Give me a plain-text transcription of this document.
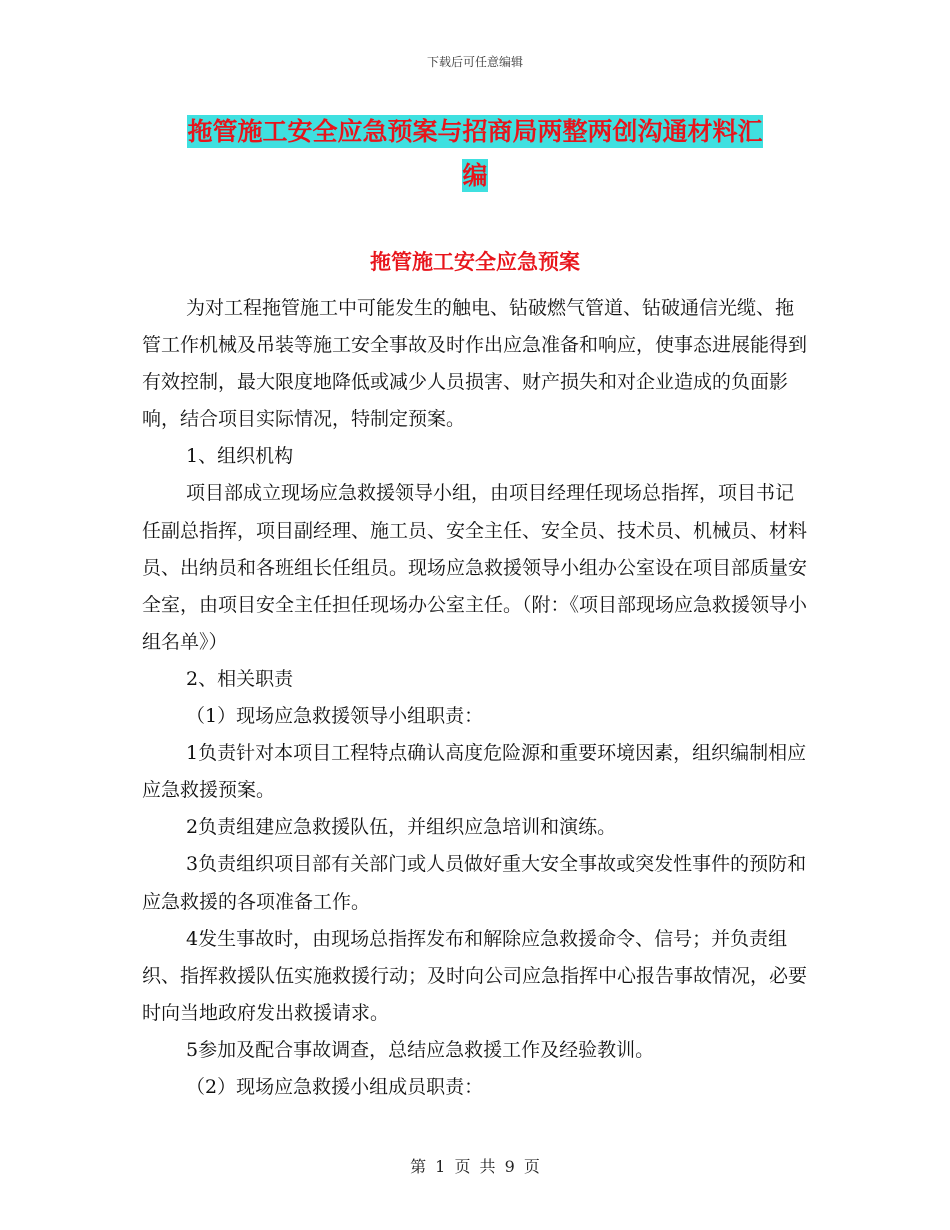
下载后可任意编辑
拖管施工安全应急预案与招商局两整两创沟通材料汇
编
拖管施工安全应急预案

为对工程拖管施工中可能发生的触电、钻破燃气管道、钻破通信光缆、拖管工作机械及吊装等施工安全事故及时作出应急准备和响应，使事态进展能得到有效控制，最大限度地降低或减少人员损害、财产损失和对企业造成的负面影响，结合项目实际情况，特制定预案。

1、组织机构

项目部成立现场应急救援领导小组，由项目经理任现场总指挥，项目书记任副总指挥，项目副经理、施工员、安全主任、安全员、技术员、机械员、材料员、出纳员和各班组长任组员。现场应急救援领导小组办公室设在项目部质量安全室，由项目安全主任担任现场办公室主任。（附：《项目部现场应急救援领导小组名单》）

2、相关职责

（1）现场应急救援领导小组职责：

1负责针对本项目工程特点确认高度危险源和重要环境因素，组织编制相应应急救援预案。

2负责组建应急救援队伍，并组织应急培训和演练。

3负责组织项目部有关部门或人员做好重大安全事故或突发性事件的预防和应急救援的各项准备工作。

4发生事故时，由现场总指挥发布和解除应急救援命令、信号；并负责组织、指挥救援队伍实施救援行动；及时向公司应急指挥中心报告事故情况，必要时向当地政府发出救援请求。

5参加及配合事故调查，总结应急救援工作及经验教训。

（2）现场应急救援小组成员职责：

第 1 页 共 9 页
